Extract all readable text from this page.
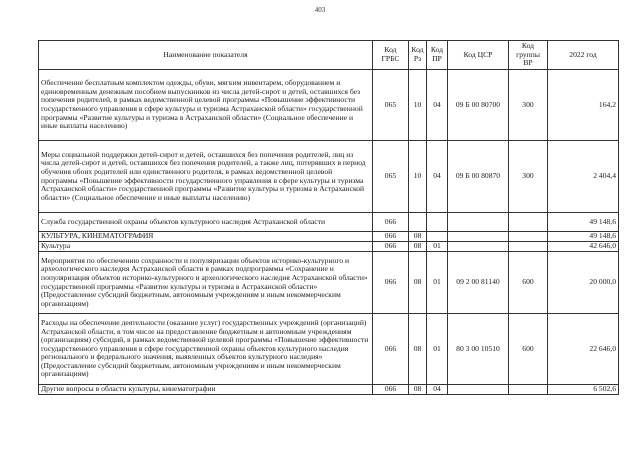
403
Наименование показателя	Код ГРБС	Код Рз	Код ПР	Код ЦСР	Код группы ВР	2022 год
Обеспечение бесплатным комплектом одежды, обуви, мягким инвентарем, оборудованием и единовременным денежным пособием выпускников из числа детей-сирот и детей, оставшихся без попечения родителей, в рамках ведомственной целевой программы «Повышение эффективности государственного управления в сфере культуры и туризма Астраханской области» государственной программы «Развитие культуры и туризма в Астраханской области» (Социальное обеспечение и иные выплаты населению)	065	10	04	09 Б 00 80700	300	164,2
Меры социальной поддержки детей-сирот и детей, оставшихся без попечения родителей, лиц из числа детей-сирот и детей, оставшихся без попечения родителей, а также лиц, потерявших в период обучения обоих родителей или единственного родителя, в рамках ведомственной целевой программы «Повышение эффективности государственного управления в сфере культуры и туризма Астраханской области» государственной программы «Развитие культуры и туризма в Астраханской области» (Социальное обеспечение и иные выплаты населению)	065	10	04	09 Б 00 80870	300	2 404,4
Служба государственной охраны объектов культурного наследия Астраханской области	066					49 148,6
КУЛЬТУРА, КИНЕМАТОГРАФИЯ	066	08				49 148,6
Культура	066	08	01			42 646,0
Мероприятия по обеспечению сохранности и популяризации объектов историко-культурного и археологического наследия Астраханской области в рамках подпрограммы «Сохранение и популяризация объектов историко-культурного и археологического наследия Астраханской области» государственной программы «Развитие культуры и туризма в Астраханской области» (Предоставление субсидий бюджетным, автономным учреждениям и иным некоммерческим организациям)	066	08	01	09 2 00 81140	600	20 000,0
Расходы на обеспечение деятельности (оказание услуг) государственных учреждений (организаций) Астраханской области, в том числе на предоставление бюджетным и автономным учреждениям (организациям) субсидий, в рамках ведомственной целевой программы «Повышение эффективности государственного управления в сфере государственной охраны объектов культурного наследия регионального и федерального значения, выявленных объектов культурного наследия» (Предоставление субсидий бюджетным, автономным учреждениям и иным некоммерческим организациям)	066	08	01	80 3 00 10510	600	22 646,0
Другие вопросы в области культуры, кинематографии	066	08	04			6 502,6
